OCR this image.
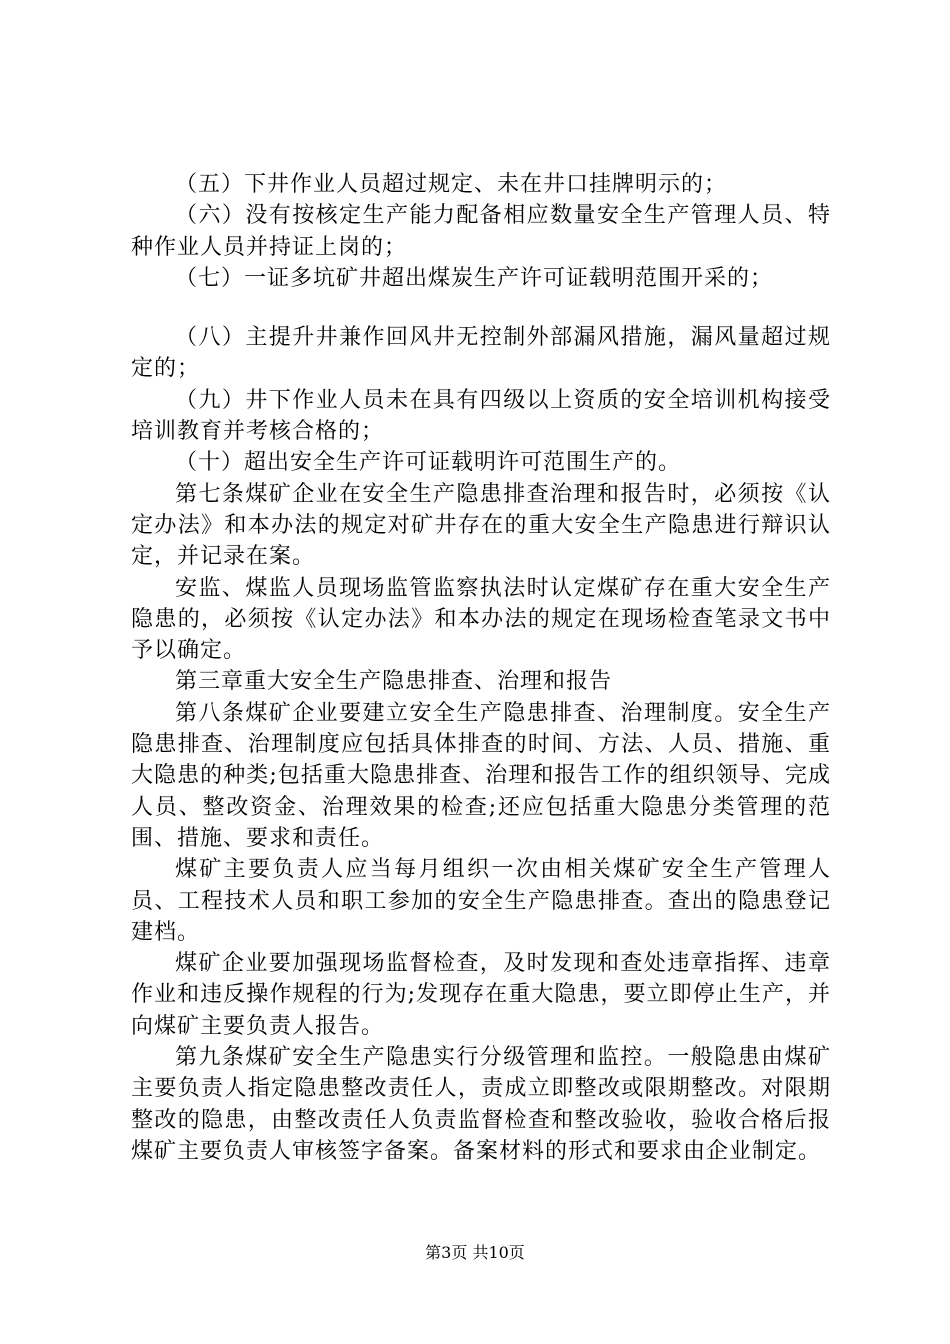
（五）下井作业人员超过规定、未在井口挂牌明示的；

（六）没有按核定生产能力配备相应数量安全生产管理人员、特种作业人员并持证上岗的；

（七）一证多坑矿井超出煤炭生产许可证载明范围开采的；

（八）主提升井兼作回风井无控制外部漏风措施，漏风量超过规定的；

（九）井下作业人员未在具有四级以上资质的安全培训机构接受培训教育并考核合格的；

（十）超出安全生产许可证载明许可范围生产的。

第七条煤矿企业在安全生产隐患排查治理和报告时，必须按《认定办法》和本办法的规定对矿井存在的重大安全生产隐患进行辩识认定，并记录在案。

安监、煤监人员现场监管监察执法时认定煤矿存在重大安全生产隐患的，必须按《认定办法》和本办法的规定在现场检查笔录文书中予以确定。

第三章重大安全生产隐患排查、治理和报告

第八条煤矿企业要建立安全生产隐患排查、治理制度。安全生产隐患排查、治理制度应包括具体排查的时间、方法、人员、措施、重大隐患的种类;包括重大隐患排查、治理和报告工作的组织领导、完成人员、整改资金、治理效果的检查;还应包括重大隐患分类管理的范围、措施、要求和责任。

煤矿主要负责人应当每月组织一次由相关煤矿安全生产管理人员、工程技术人员和职工参加的安全生产隐患排查。查出的隐患登记建档。

煤矿企业要加强现场监督检查，及时发现和查处违章指挥、违章作业和违反操作规程的行为;发现存在重大隐患，要立即停止生产，并向煤矿主要负责人报告。

第九条煤矿安全生产隐患实行分级管理和监控。一般隐患由煤矿主要负责人指定隐患整改责任人，责成立即整改或限期整改。对限期整改的隐患，由整改责任人负责监督检查和整改验收，验收合格后报煤矿主要负责人审核签字备案。备案材料的形式和要求由企业制定。

第3页 共10页
